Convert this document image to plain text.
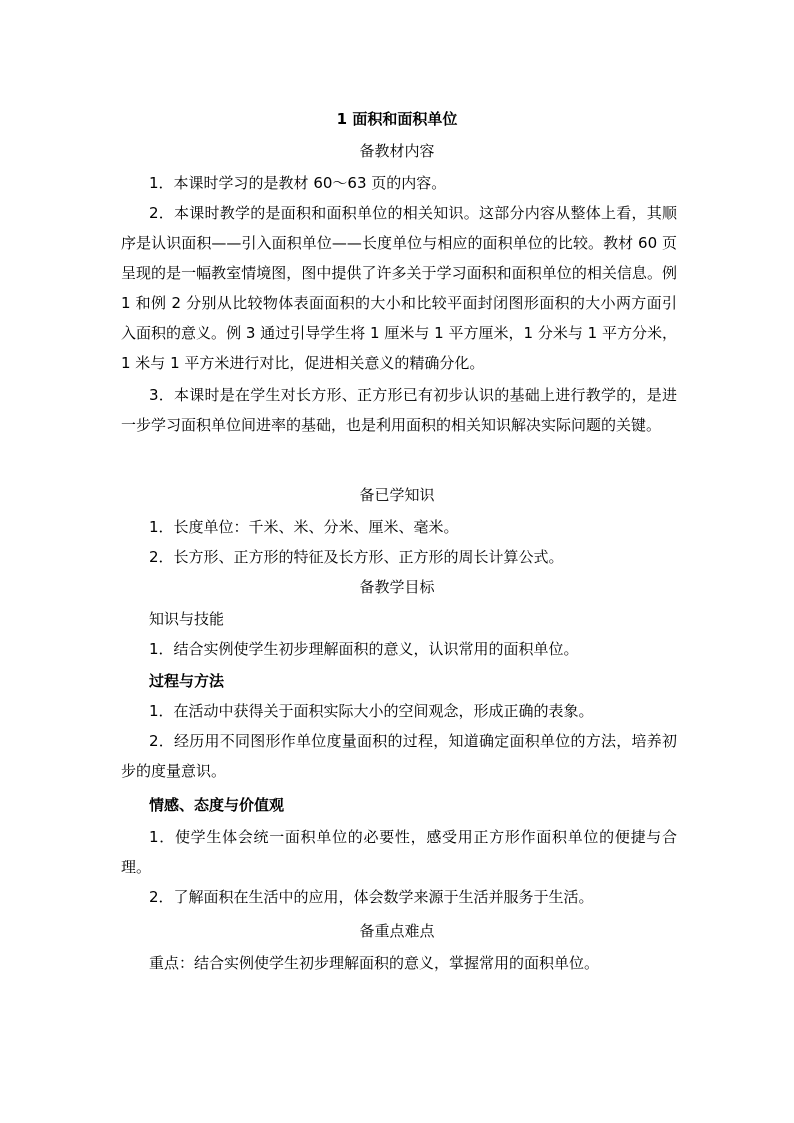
1 面积和面积单位
备教材内容
1．本课时学习的是教材 60～63 页的内容。
2．本课时教学的是面积和面积单位的相关知识。这部分内容从整体上看，其顺序是认识面积——引入面积单位——长度单位与相应的面积单位的比较。教材 60 页呈现的是一幅教室情境图，图中提供了许多关于学习面积和面积单位的相关信息。例 1 和例 2 分别从比较物体表面面积的大小和比较平面封闭图形面积的大小两方面引入面积的意义。例 3 通过引导学生将 1 厘米与 1 平方厘米，1 分米与 1 平方分米，1 米与 1 平方米进行对比，促进相关意义的精确分化。
3．本课时是在学生对长方形、正方形已有初步认识的基础上进行教学的，是进一步学习面积单位间进率的基础，也是利用面积的相关知识解决实际问题的关键。
备已学知识
1．长度单位：千米、米、分米、厘米、毫米。
2．长方形、正方形的特征及长方形、正方形的周长计算公式。
备教学目标
知识与技能
1．结合实例使学生初步理解面积的意义，认识常用的面积单位。
过程与方法
1．在活动中获得关于面积实际大小的空间观念，形成正确的表象。
2．经历用不同图形作单位度量面积的过程，知道确定面积单位的方法，培养初步的度量意识。
情感、态度与价值观
1．使学生体会统一面积单位的必要性，感受用正方形作面积单位的便捷与合理。
2．了解面积在生活中的应用，体会数学来源于生活并服务于生活。
备重点难点
重点：结合实例使学生初步理解面积的意义，掌握常用的面积单位。
